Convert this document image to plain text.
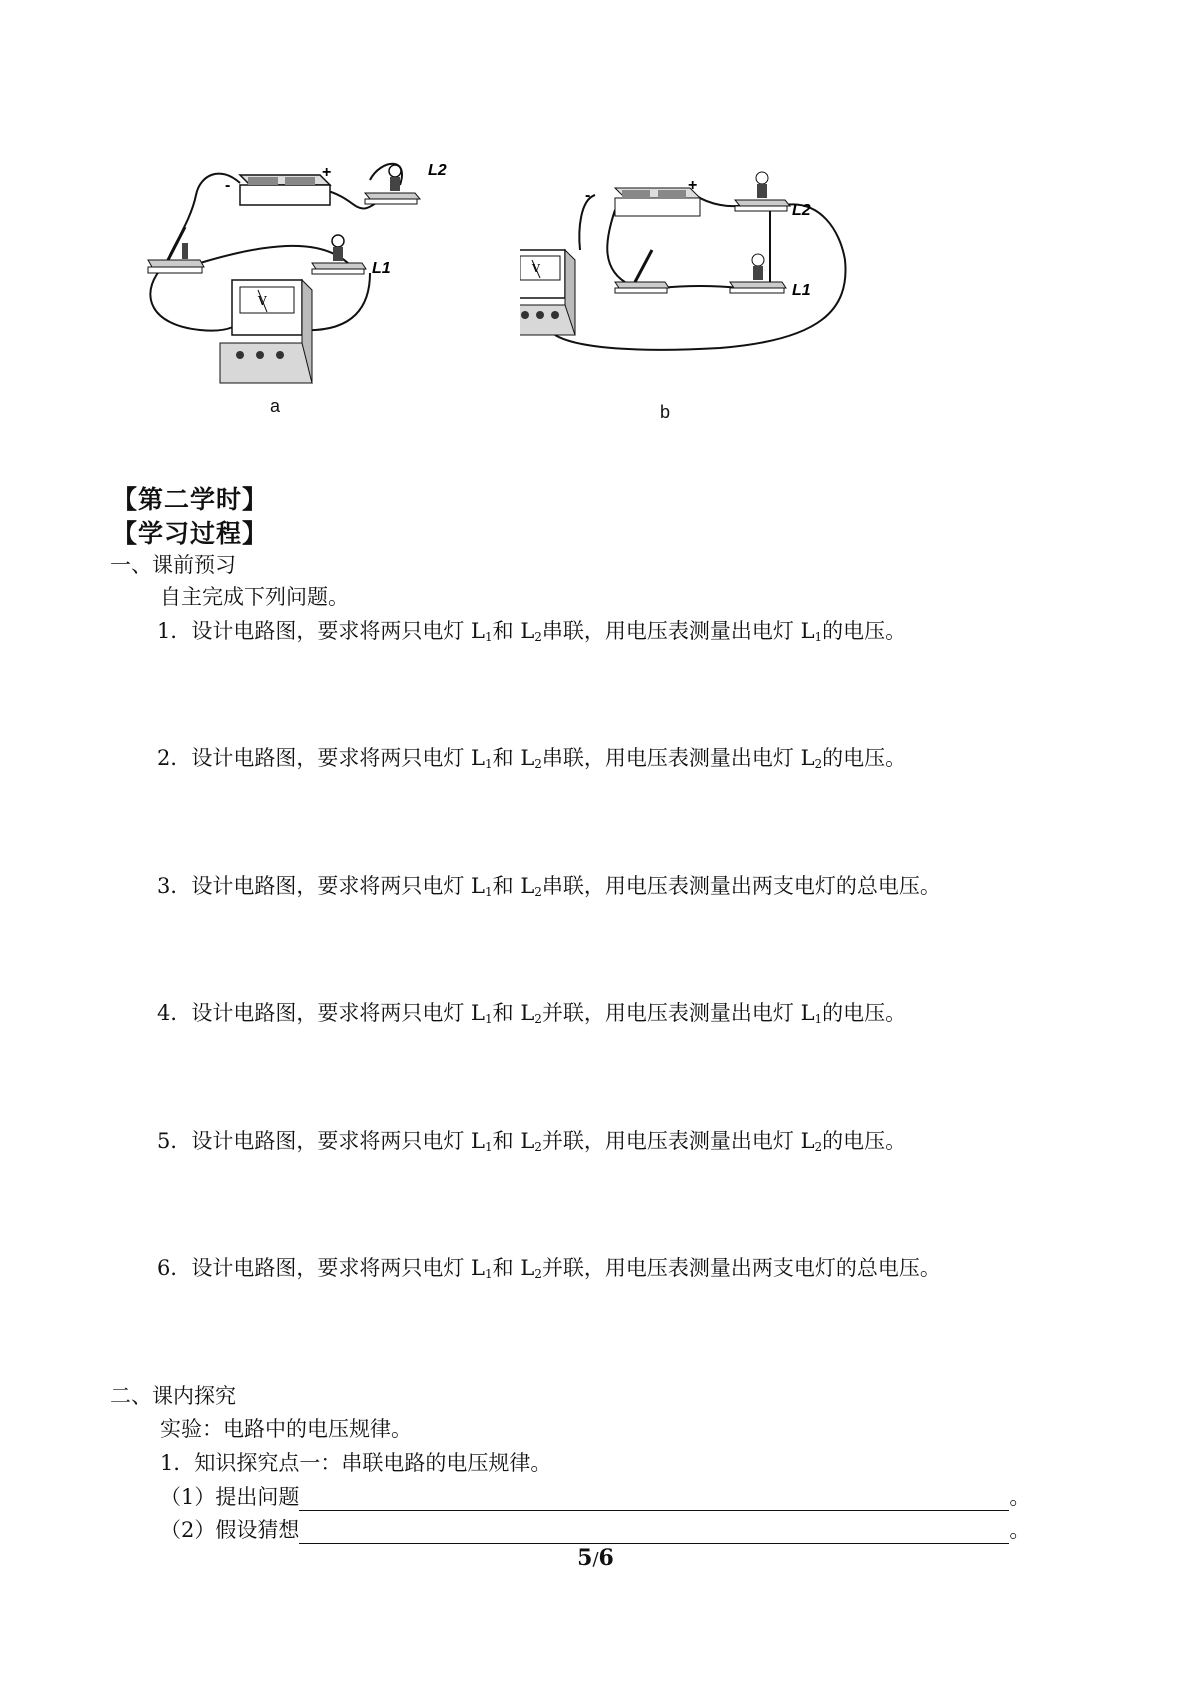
-
+	L2
L1
V
a
-
+
L2
L1
V
b
【第二学时】
【学习过程】
一、课前预习
自主完成下列问题。
1．设计电路图，要求将两只电灯 $L_1$和 $L_2$串联，用电压表测量出电灯 $L_1$的电压。
2．设计电路图，要求将两只电灯 $L_1$和 $L_2$串联，用电压表测量出电灯 $L_2$的电压。
3．设计电路图，要求将两只电灯 $L_1$和 $L_2$串联，用电压表测量出两支电灯的总电压。
4．设计电路图，要求将两只电灯 $L_1$和 $L_2$并联，用电压表测量出电灯 $L_1$的电压。
5．设计电路图，要求将两只电灯 $L_1$和 $L_2$并联，用电压表测量出电灯 $L_2$的电压。
6．设计电路图，要求将两只电灯 $L_1$和 $L_2$并联，用电压表测量出两支电灯的总电压。
二、课内探究
实验：电路中的电压规律。
1．知识探究点一：串联电路的电压规律。
（1）提出问题	。
（2）假设猜想	。
5/6
